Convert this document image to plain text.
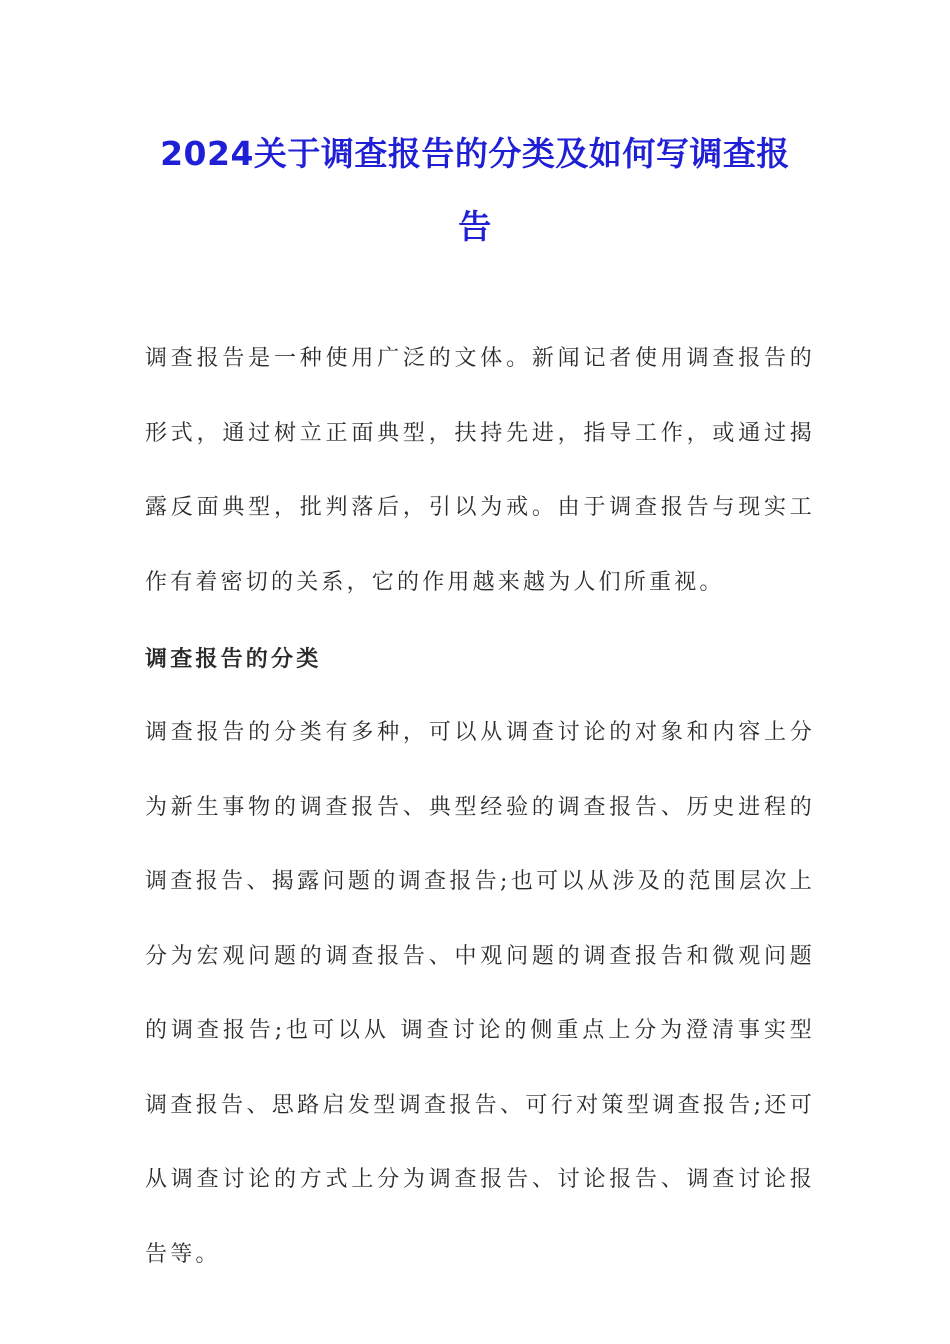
2024关于调查报告的分类及如何写调查报
告

调查报告是一种使用广泛的文体。新闻记者使用调查报告的形式，通过树立正面典型，扶持先进，指导工作，或通过揭露反面典型，批判落后，引以为戒。由于调查报告与现实工作有着密切的关系，它的作用越来越为人们所重视。

调查报告的分类

调查报告的分类有多种，可以从调查讨论的对象和内容上分为新生事物的调查报告、典型经验的调查报告、历史进程的调查报告、揭露问题的调查报告;也可以从涉及的范围层次上分为宏观问题的调查报告、中观问题的调查报告和微观问题的调查报告;也可以从 调查讨论的侧重点上分为澄清事实型调查报告、思路启发型调查报告、可行对策型调查报告;还可从调查讨论的方式上分为调查报告、讨论报告、调查讨论报告等。
